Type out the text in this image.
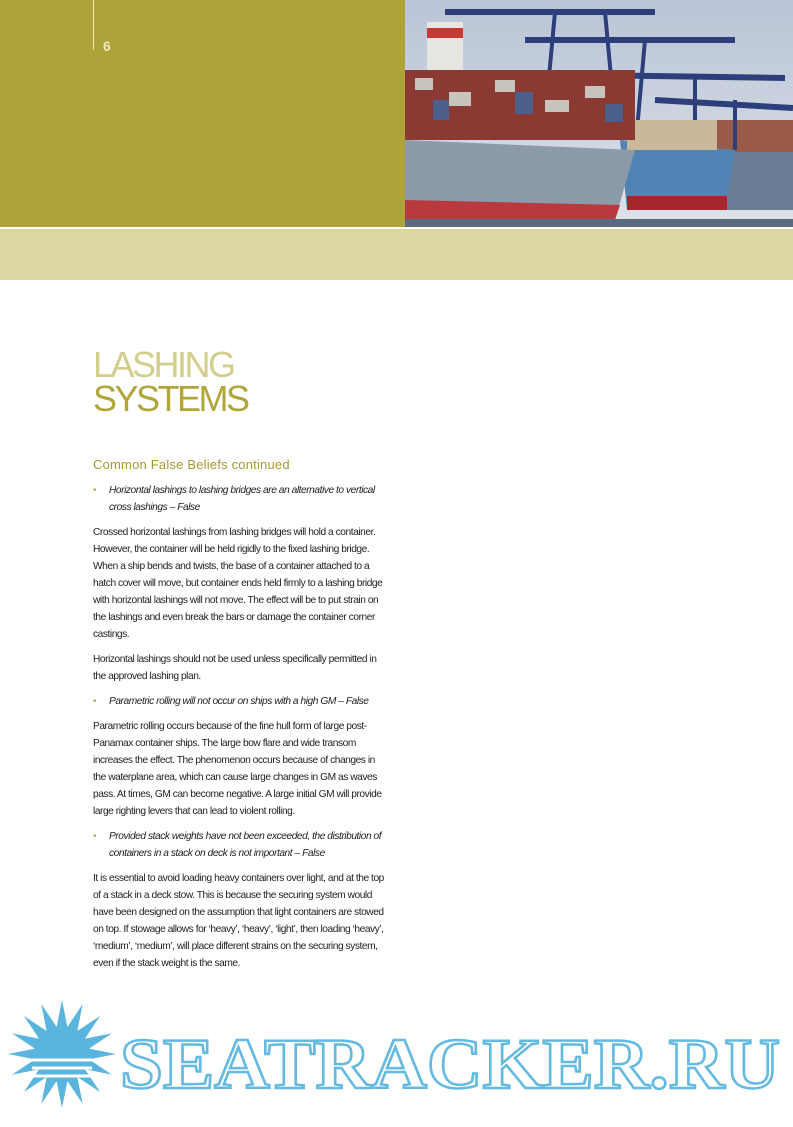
6
LASHING
SYSTEMS
Common False Beliefs continued
• Horizontal lashings to lashing bridges are an alternative to vertical cross lashings – False

Crossed horizontal lashings from lashing bridges will hold a container. However, the container will be held rigidly to the fixed lashing bridge. When a ship bends and twists, the base of a container attached to a hatch cover will move, but container ends held firmly to a lashing bridge with horizontal lashings will not move. The effect will be to put strain on the lashings and even break the bars or damage the container corner castings.

Horizontal lashings should not be used unless specifically permitted in the approved lashing plan.

• Parametric rolling will not occur on ships with a high GM – False

Parametric rolling occurs because of the fine hull form of large post-Panamax container ships. The large bow flare and wide transom increases the effect. The phenomenon occurs because of changes in the waterplane area, which can cause large changes in GM as waves pass. At times, GM can become negative. A large initial GM will provide large righting levers that can lead to violent rolling.

• Provided stack weights have not been exceeded, the distribution of containers in a stack on deck is not important – False

It is essential to avoid loading heavy containers over light, and at the top of a stack in a deck stow. This is because the securing system would have been designed on the assumption that light containers are stowed on top. If stowage allows for ‘heavy’, ‘heavy’, ‘light’, then loading ‘heavy’, ‘medium’, ‘medium’, will place different strains on the securing system, even if the stack weight is the same.

SEATRACKER.RU
